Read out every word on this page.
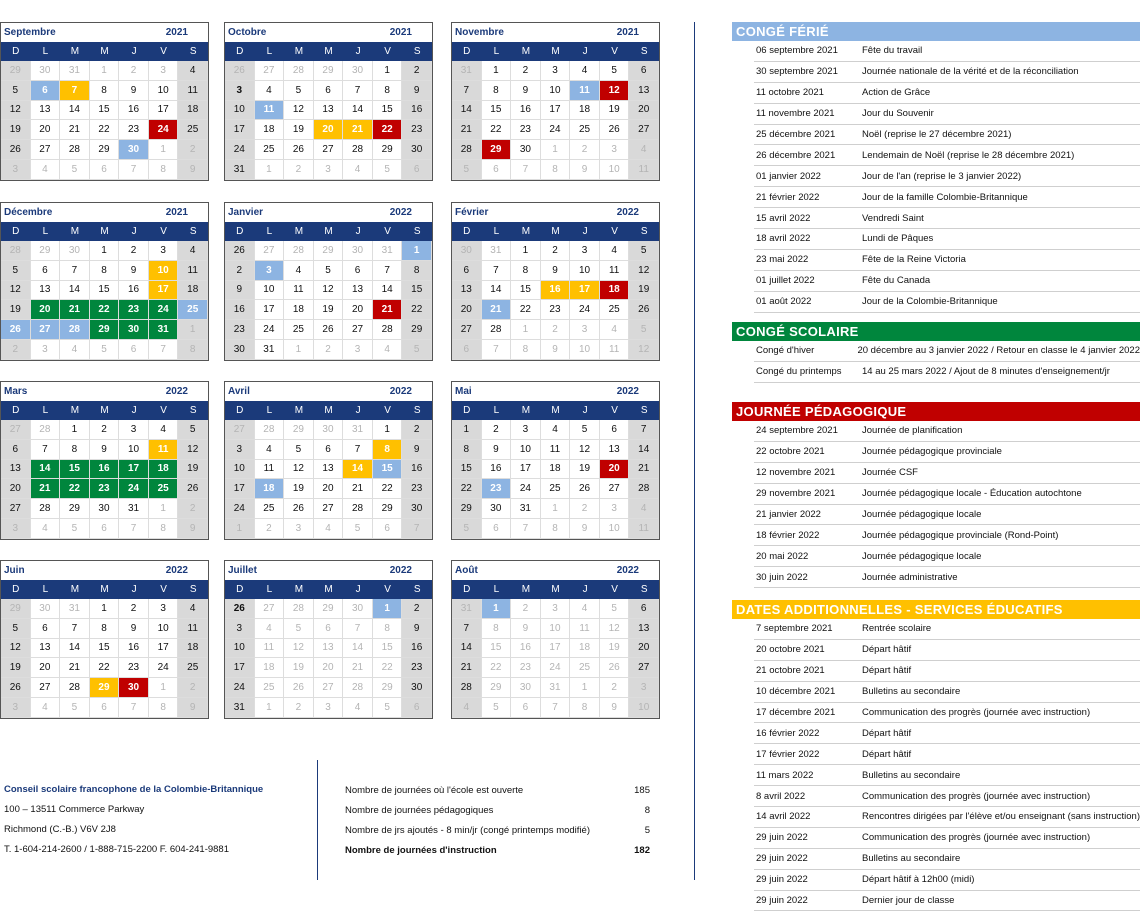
Septembre	2021
D	L	M	M	J	V	S
29	30	31	1	2	3	4
5	6	7	8	9	10	11
12	13	14	15	16	17	18
19	20	21	22	23	24	25
26	27	28	29	30	1	2
3	4	5	6	7	8	9
Octobre	2021
D	L	M	M	J	V	S
26	27	28	29	30	1	2
3	4	5	6	7	8	9
10	11	12	13	14	15	16
17	18	19	20	21	22	23
24	25	26	27	28	29	30
31	1	2	3	4	5	6
Novembre	2021
D	L	M	M	J	V	S
31	1	2	3	4	5	6
7	8	9	10	11	12	13
14	15	16	17	18	19	20
21	22	23	24	25	26	27
28	29	30	1	2	3	4
5	6	7	8	9	10	11
Décembre	2021
D	L	M	M	J	V	S
28	29	30	1	2	3	4
5	6	7	8	9	10	11
12	13	14	15	16	17	18
19	20	21	22	23	24	25
26	27	28	29	30	31	1
2	3	4	5	6	7	8
Janvier	2022
D	L	M	M	J	V	S
26	27	28	29	30	31	1
2	3	4	5	6	7	8
9	10	11	12	13	14	15
16	17	18	19	20	21	22
23	24	25	26	27	28	29
30	31	1	2	3	4	5
Février	2022
D	L	M	M	J	V	S
30	31	1	2	3	4	5
6	7	8	9	10	11	12
13	14	15	16	17	18	19
20	21	22	23	24	25	26
27	28	1	2	3	4	5
6	7	8	9	10	11	12
Mars	2022
D	L	M	M	J	V	S
27	28	1	2	3	4	5
6	7	8	9	10	11	12
13	14	15	16	17	18	19
20	21	22	23	24	25	26
27	28	29	30	31	1	2
3	4	5	6	7	8	9
Avril	2022
D	L	M	M	J	V	S
27	28	29	30	31	1	2
3	4	5	6	7	8	9
10	11	12	13	14	15	16
17	18	19	20	21	22	23
24	25	26	27	28	29	30
1	2	3	4	5	6	7
Mai	2022
D	L	M	M	J	V	S
1	2	3	4	5	6	7
8	9	10	11	12	13	14
15	16	17	18	19	20	21
22	23	24	25	26	27	28
29	30	31	1	2	3	4
5	6	7	8	9	10	11
Juin	2022
D	L	M	M	J	V	S
29	30	31	1	2	3	4
5	6	7	8	9	10	11
12	13	14	15	16	17	18
19	20	21	22	23	24	25
26	27	28	29	30	1	2
3	4	5	6	7	8	9
Juillet	2022
D	L	M	M	J	V	S
26	27	28	29	30	1	2
3	4	5	6	7	8	9
10	11	12	13	14	15	16
17	18	19	20	21	22	23
24	25	26	27	28	29	30
31	1	2	3	4	5	6
Août	2022
D	L	M	M	J	V	S
31	1	2	3	4	5	6
7	8	9	10	11	12	13
14	15	16	17	18	19	20
21	22	23	24	25	26	27
28	29	30	31	1	2	3
4	5	6	7	8	9	10
CONGÉ FÉRIÉ
06 septembre 2021	Fête du travail
30 septembre 2021	Journée nationale de la vérité et de la réconciliation
11 octobre 2021	Action de Grâce
11 novembre 2021	Jour du Souvenir
25 décembre 2021	Noël (reprise le 27 décembre 2021)
26 décembre 2021	Lendemain de Noël (reprise le 28 décembre 2021)
01 janvier 2022	Jour de l'an (reprise le 3 janvier 2022)
21 février 2022	Jour de la famille Colombie-Britannique
15 avril 2022	Vendredi Saint
18 avril 2022	Lundi de Pâques
23 mai 2022	Fête de la Reine Victoria
01 juillet 2022	Fête du Canada
01 août 2022	Jour de la Colombie-Britannique
CONGÉ SCOLAIRE
Congé d'hiver	20 décembre au 3 janvier 2022 / Retour en classe le 4 janvier 2022
Congé du printemps	14 au 25 mars 2022 / Ajout de 8 minutes d'enseignement/jr
JOURNÉE PÉDAGOGIQUE
24 septembre 2021	Journée de planification
22 octobre 2021	Journée pédagogique provinciale
12 novembre 2021	Journée CSF
29 novembre 2021	Journée pédagogique locale - Éducation autochtone
21 janvier 2022	Journée pédagogique locale
18 février 2022	Journée pédagogique provinciale (Rond-Point)
20 mai 2022	Journée pédagogique locale
30 juin 2022	Journée administrative
DATES ADDITIONNELLES - SERVICES ÉDUCATIFS
7 septembre 2021	Rentrée scolaire
20 octobre 2021	Départ hâtif
21 octobre 2021	Départ hâtif
10 décembre 2021	Bulletins au secondaire
17 décembre 2021	Communication des progrès (journée avec instruction)
16 février 2022	Départ hâtif
17 février 2022	Départ hâtif
11 mars 2022	Bulletins au secondaire
8 avril 2022	Communication des progrès (journée avec instruction)
14 avril 2022	Rencontres dirigées par l'élève et/ou enseignant (sans instruction)
29 juin 2022	Communication des progrès (journée avec instruction)
29 juin 2022	Bulletins au secondaire
29 juin 2022	Départ hâtif à 12h00 (midi)
29 juin 2022	Dernier jour de classe
Conseil scolaire francophone de la Colombie-Britannique
100 – 13511 Commerce Parkway
Richmond (C.-B.) V6V 2J8
T. 1-604-214-2600 / 1-888-715-2200 F. 604-241-9881
Nombre de journées où l'école est ouverte	185
Nombre de journées pédagogiques	8
Nombre de jrs ajoutés - 8 min/jr (congé printemps modifié)	5
Nombre de journées d'instruction	182
